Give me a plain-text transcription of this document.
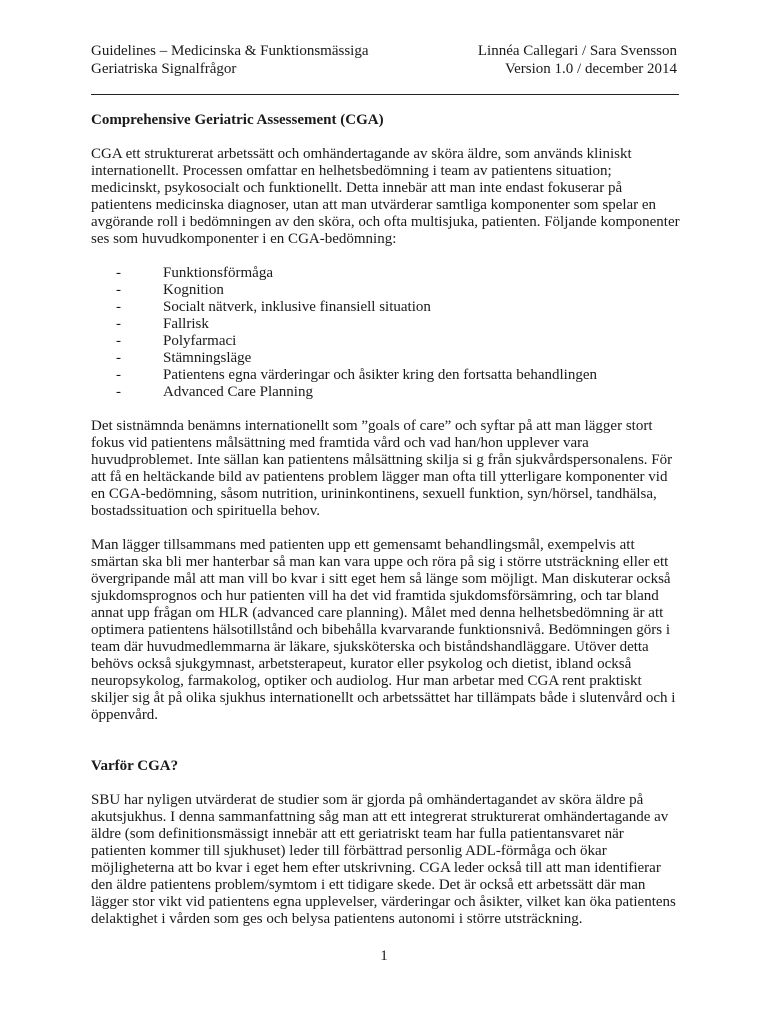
Guidelines – Medicinska & Funktionsmässiga	Linnéa Callegari / Sara Svensson
Geriatriska Signalfrågor	Version 1.0 / december 2014
Comprehensive Geriatric Assessement (CGA)

CGA ett strukturerat arbetssätt och omhändertagande av sköra äldre, som används kliniskt internationellt. Processen omfattar en helhetsbedömning i team av patientens situation; medicinskt, psykosocialt och funktionellt. Detta innebär att man inte endast fokuserar på patientens medicinska diagnoser, utan att man utvärderar samtliga komponenter som spelar en avgörande roll i bedömningen av den sköra, och ofta multisjuka, patienten. Följande komponenter ses som huvudkomponenter i en CGA-bedömning:

-	Funktionsförmåga
-	Kognition
-	Socialt nätverk, inklusive finansiell situation
-	Fallrisk
-	Polyfarmaci
-	Stämningsläge
-	Patientens egna värderingar och åsikter kring den fortsatta behandlingen
-	Advanced Care Planning

Det sistnämnda benämns internationellt som ”goals of care” och syftar på att man lägger stort fokus vid patientens målsättning med framtida vård och vad han/hon upplever vara huvudproblemet. Inte sällan kan patientens målsättning skilja si g från sjukvårdspersonalens. För att få en heltäckande bild av patientens problem lägger man ofta till ytterligare komponenter vid en CGA-bedömning, såsom nutrition, urininkontinens, sexuell funktion, syn/hörsel, tandhälsa, bostadssituation och spirituella behov.

Man lägger tillsammans med patienten upp ett gemensamt behandlingsmål, exempelvis att smärtan ska bli mer hanterbar så man kan vara uppe och röra på sig i större utsträckning eller ett övergripande mål att man vill bo kvar i sitt eget hem så länge som möjligt. Man diskuterar också sjukdomsprognos och hur patienten vill ha det vid framtida sjukdomsförsämring, och tar bland annat upp frågan om HLR (advanced care planning). Målet med denna helhetsbedömning är att optimera patientens hälsotillstånd och bibehålla kvarvarande funktionsnivå. Bedömningen görs i team där huvudmedlemmarna är läkare, sjuksköterska och biståndshandläggare. Utöver detta behövs också sjukgymnast, arbetsterapeut, kurator eller psykolog och dietist, ibland också neuropsykolog, farmakolog, optiker och audiolog. Hur man arbetar med CGA rent praktiskt skiljer sig åt på olika sjukhus internationellt och arbetssättet har tillämpats både i slutenvård och i öppenvård.

Varför CGA?

SBU har nyligen utvärderat de studier som är gjorda på omhändertagandet av sköra äldre på akutsjukhus. I denna sammanfattning såg man att ett integrerat strukturerat omhändertagande av äldre (som definitionsmässigt innebär att ett geriatriskt team har fulla patientansvaret när patienten kommer till sjukhuset) leder till förbättrad personlig ADL-förmåga och ökar möjligheterna att bo kvar i eget hem efter utskrivning. CGA leder också till att man identifierar den äldre patientens problem/symtom i ett tidigare skede. Det är också ett arbetssätt där man lägger stor vikt vid patientens egna upplevelser, värderingar och åsikter, vilket kan öka patientens delaktighet i vården som ges och belysa patientens autonomi i större utsträckning.

1
